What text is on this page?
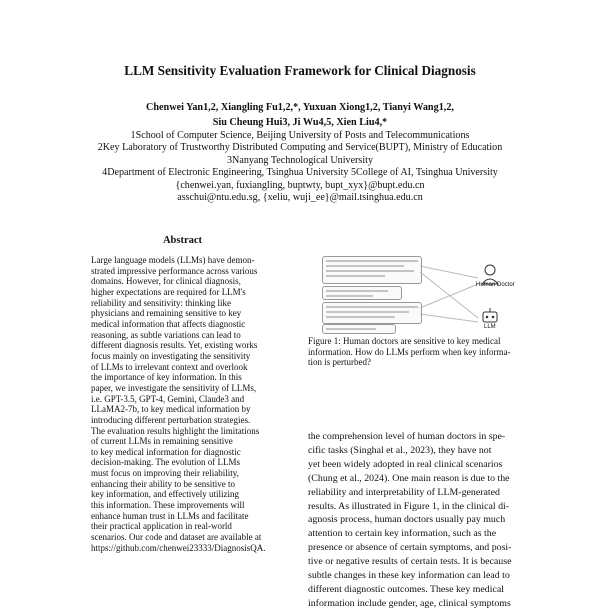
LLM Sensitivity Evaluation Framework for Clinical Diagnosis
Chenwei Yan1,2, Xiangling Fu1,2,*, Yuxuan Xiong1,2, Tianyi Wang1,2,
Siu Cheung Hui3, Ji Wu4,5, Xien Liu4,*
1School of Computer Science, Beijing University of Posts and Telecommunications
2Key Laboratory of Trustworthy Distributed Computing and Service(BUPT), Ministry of Education
3Nanyang Technological University
4Department of Electronic Engineering, Tsinghua University 5College of AI, Tsinghua University
{chenwei.yan, fuxiangling, buptwty, bupt_xyx}@bupt.edu.cn
asschui@ntu.edu.sg, {xeliu, wuji_ee}@mail.tsinghua.edu.cn
Abstract
Large language models (LLMs) have demon-
strated impressive performance across various
domains. However, for clinical diagnosis,
higher expectations are required for LLM's
reliability and sensitivity: thinking like
physicians and remaining sensitive to key
medical information that affects diagnostic
reasoning, as subtle variations can lead to
different diagnosis results. Yet, existing works
focus mainly on investigating the sensitivity
of LLMs to irrelevant context and overlook
the importance of key information. In this
paper, we investigate the sensitivity of LLMs,
i.e. GPT-3.5, GPT-4, Gemini, Claude3 and
LLaMA2-7b, to key medical information by
introducing different perturbation strategies.
The evaluation results highlight the limitations
of current LLMs in remaining sensitive
to key medical information for diagnostic
decision-making. The evolution of LLMs
must focus on improving their reliability,
enhancing their ability to be sensitive to
key information, and effectively utilizing
this information. These improvements will
enhance human trust in LLMs and facilitate
their practical application in real-world
scenarios. Our code and dataset are available at
https://github.com/chenwei23333/DiagnosisQA.
Human Doctor
LLM
Figure 1: Human doctors are sensitive to key medical
information. How do LLMs perform when key informa-
tion is perturbed?
the comprehension level of human doctors in spe-
cific tasks (Singhal et al., 2023), they have not
yet been widely adopted in real clinical scenarios
(Chung et al., 2024). One main reason is due to the
reliability and interpretability of LLM-generated
results. As illustrated in Figure 1, in the clinical di-
agnosis process, human doctors usually pay much
attention to certain key information, such as the
presence or absence of certain symptoms, and posi-
tive or negative results of certain tests. It is because
subtle changes in these key information can lead to
different diagnostic outcomes. These key medical
information include gender, age, clinical symptoms
